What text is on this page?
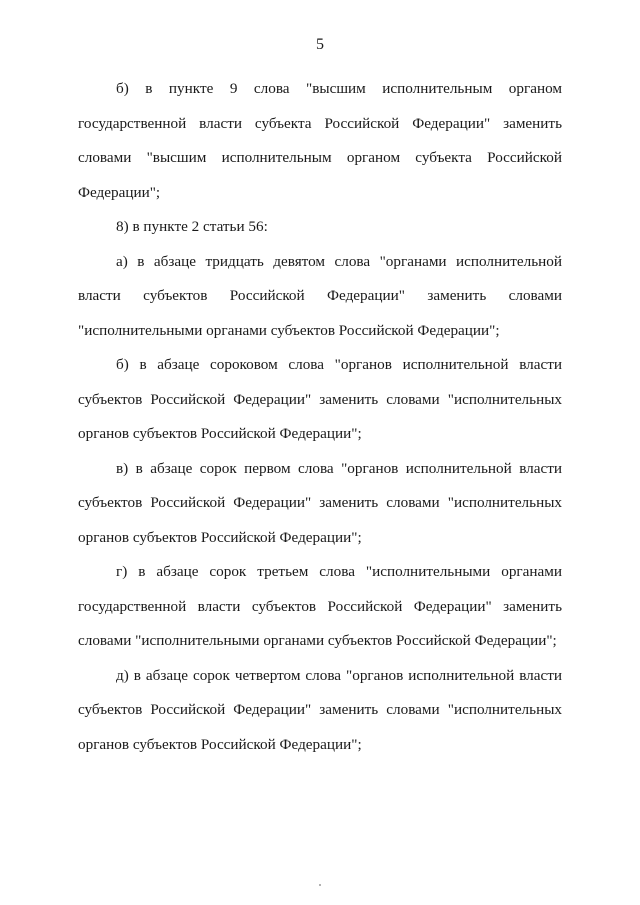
5

б) в пункте 9 слова "высшим исполнительным органом государственной власти субъекта Российской Федерации" заменить словами "высшим исполнительным органом субъекта Российской Федерации";

8) в пункте 2 статьи 56:

а) в абзаце тридцать девятом слова "органами исполнительной власти субъектов Российской Федерации" заменить словами "исполнительными органами субъектов Российской Федерации";

б) в абзаце сороковом слова "органов исполнительной власти субъектов Российской Федерации" заменить словами "исполнительных органов субъектов Российской Федерации";

в) в абзаце сорок первом слова "органов исполнительной власти субъектов Российской Федерации" заменить словами "исполнительных органов субъектов Российской Федерации";

г) в абзаце сорок третьем слова "исполнительными органами государственной власти субъектов Российской Федерации" заменить словами "исполнительными органами субъектов Российской Федерации";

д) в абзаце сорок четвертом слова "органов исполнительной власти субъектов Российской Федерации" заменить словами "исполнительных органов субъектов Российской Федерации";
